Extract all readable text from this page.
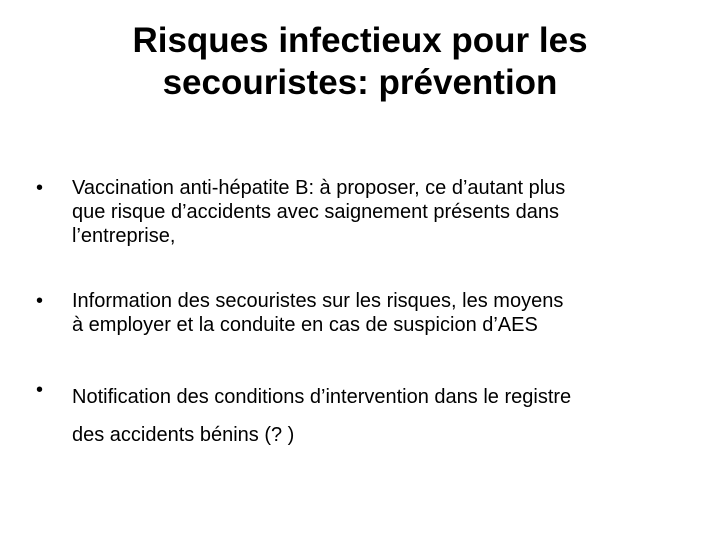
Risques infectieux pour les
secouristes: prévention
•	Vaccination anti-hépatite B: à proposer, ce d’autant plus
que risque d’accidents avec saignement présents dans
l’entreprise,
•	Information des secouristes sur les risques, les moyens
à employer et la conduite en cas de suspicion d’AES
•	Notification des conditions d’intervention dans le registre
des accidents bénins (? )
